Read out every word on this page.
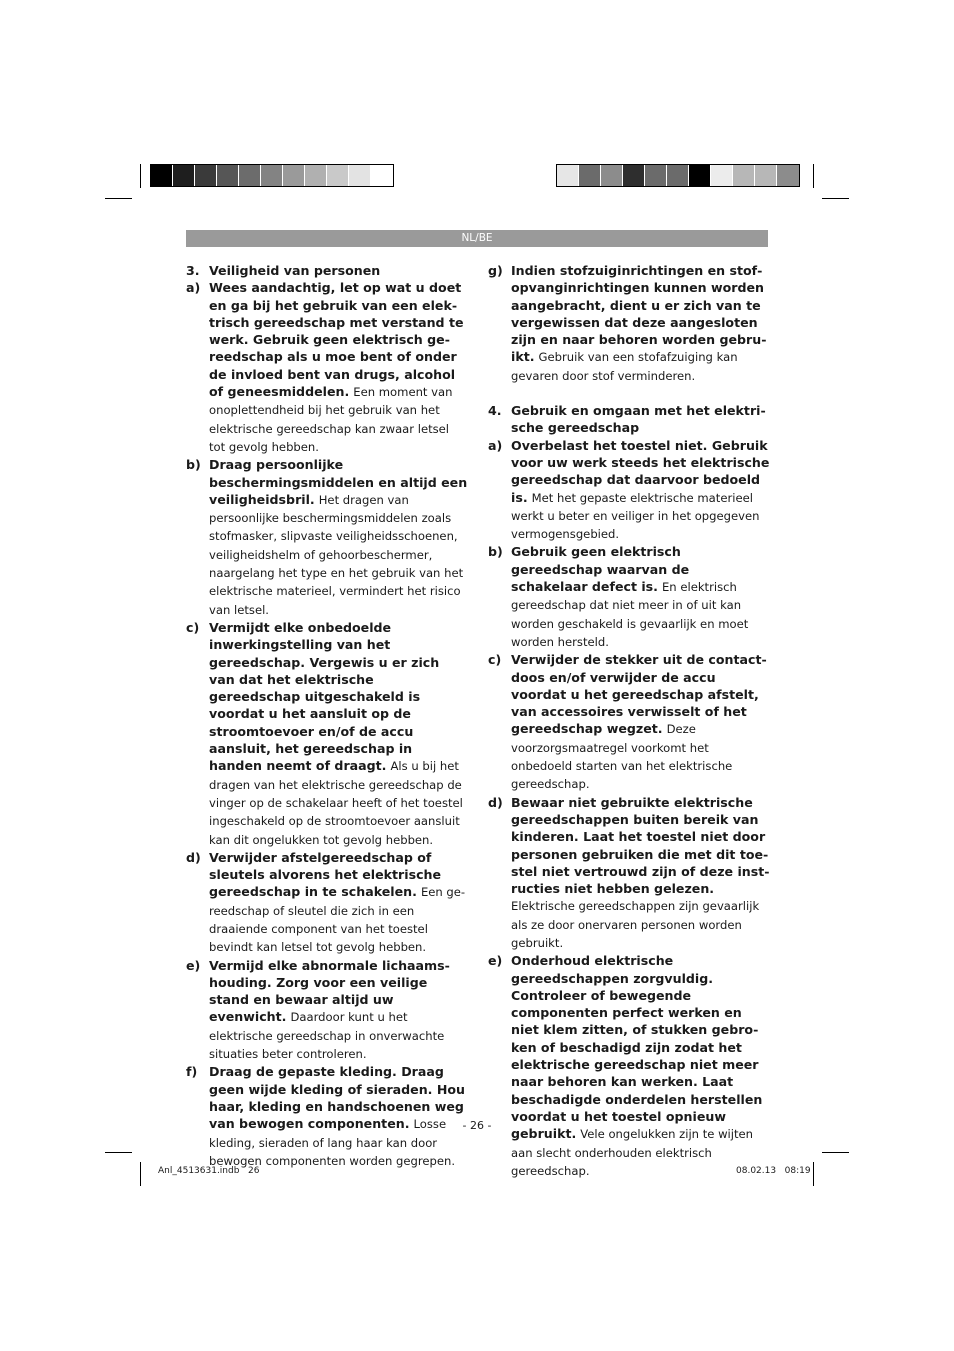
NL/BE

3. Veiligheid van personen

a) Wees aandachtig, let op wat u doet en ga bij het gebruik van een elektrisch gereedschap met verstand te werk. Gebruik geen elektrisch gereedschap als u moe bent of onder de invloed bent van drugs, alcohol of geneesmiddelen. Een moment van onoplettendheid bij het gebruik van het elektrische gereedschap kan zwaar letsel tot gevolg hebben.
b) Draag persoonlijke beschermingsmiddelen en altijd een veiligheidsbril. Het dragen van persoonlijke beschermingsmiddelen zoals stofmasker, slipvaste veiligheidsschoenen, veiligheidshelm of gehoorbeschermer, naargelang het type en het gebruik van het elektrische materieel, vermindert het risico van letsel.
c) Vermijdt elke onbedoelde inwerkingstelling van het gereedschap. Vergewis u er zich van dat het elektrische gereedschap uitgeschakeld is voordat u het aansluit op de stroomtoevoer en/of de accu aansluit, het gereedschap in handen neemt of draagt. Als u bij het dragen van het elektrische gereedschap de vinger op de schakelaar heeft of het toestel ingeschakeld op de stroomtoevoer aansluit kan dit ongelukken tot gevolg hebben.
d) Verwijder afstelgereedschap of sleutels alvorens het elektrische gereedschap in te schakelen. Een gereedschap of sleutel die zich in een draaiende component van het toestel bevindt kan letsel tot gevolg hebben.
e) Vermijd elke abnormale lichaamshouding. Zorg voor een veilige stand en bewaar altijd uw evenwicht. Daardoor kunt u het elektrische gereedschap in onverwachte situaties beter controleren.
f) Draag de gepaste kleding. Draag geen wijde kleding of sieraden. Hou haar, kleding en handschoenen weg van bewogen componenten. Losse kleding, sieraden of lang haar kan door bewogen componenten worden gegrepen.
g) Indien stofzuiginrichtingen en stofopvanginrichtingen kunnen worden aangebracht, dient u er zich van te vergewissen dat deze aangesloten zijn en naar behoren worden gebruikt. Gebruik van een stofafzuiging kan gevaren door stof verminderen.

4. Gebruik en omgaan met het elektrische gereedschap

a) Overbelast het toestel niet. Gebruik voor uw werk steeds het elektrische gereedschap dat daarvoor bedoeld is. Met het gepaste elektrische materieel werkt u beter en veiliger in het opgegeven vermogensgebied.
b) Gebruik geen elektrisch gereedschap waarvan de schakelaar defect is. En elektrisch gereedschap dat niet meer in of uit kan worden geschakeld is gevaarlijk en moet worden hersteld.
c) Verwijder de stekker uit de contactdoos en/of verwijder de accu voordat u het gereedschap afstelt, van accessoires verwisselt of het gereedschap wegzet. Deze voorzorgsmaatregel voorkomt het onbedoeld starten van het elektrische gereedschap.
d) Bewaar niet gebruikte elektrische gereedschappen buiten bereik van kinderen. Laat het toestel niet door personen gebruiken die met dit toestel niet vertrouwd zijn of deze instructies niet hebben gelezen. Elektrische gereedschappen zijn gevaarlijk als ze door onervaren personen worden gebruikt.
e) Onderhoud elektrische gereedschappen zorgvuldig. Controleer of bewegende componenten perfect werken en niet klem zitten, of stukken gebroken of beschadigd zijn zodat het elektrische gereedschap niet meer naar behoren kan werken. Laat beschadigde onderdelen herstellen voordat u het toestel opnieuw gebruikt. Vele ongelukken zijn te wijten aan slecht onderhouden elektrisch gereedschap.
- 26 -
Anl_4513631.indb   26	08.02.13   08:19
